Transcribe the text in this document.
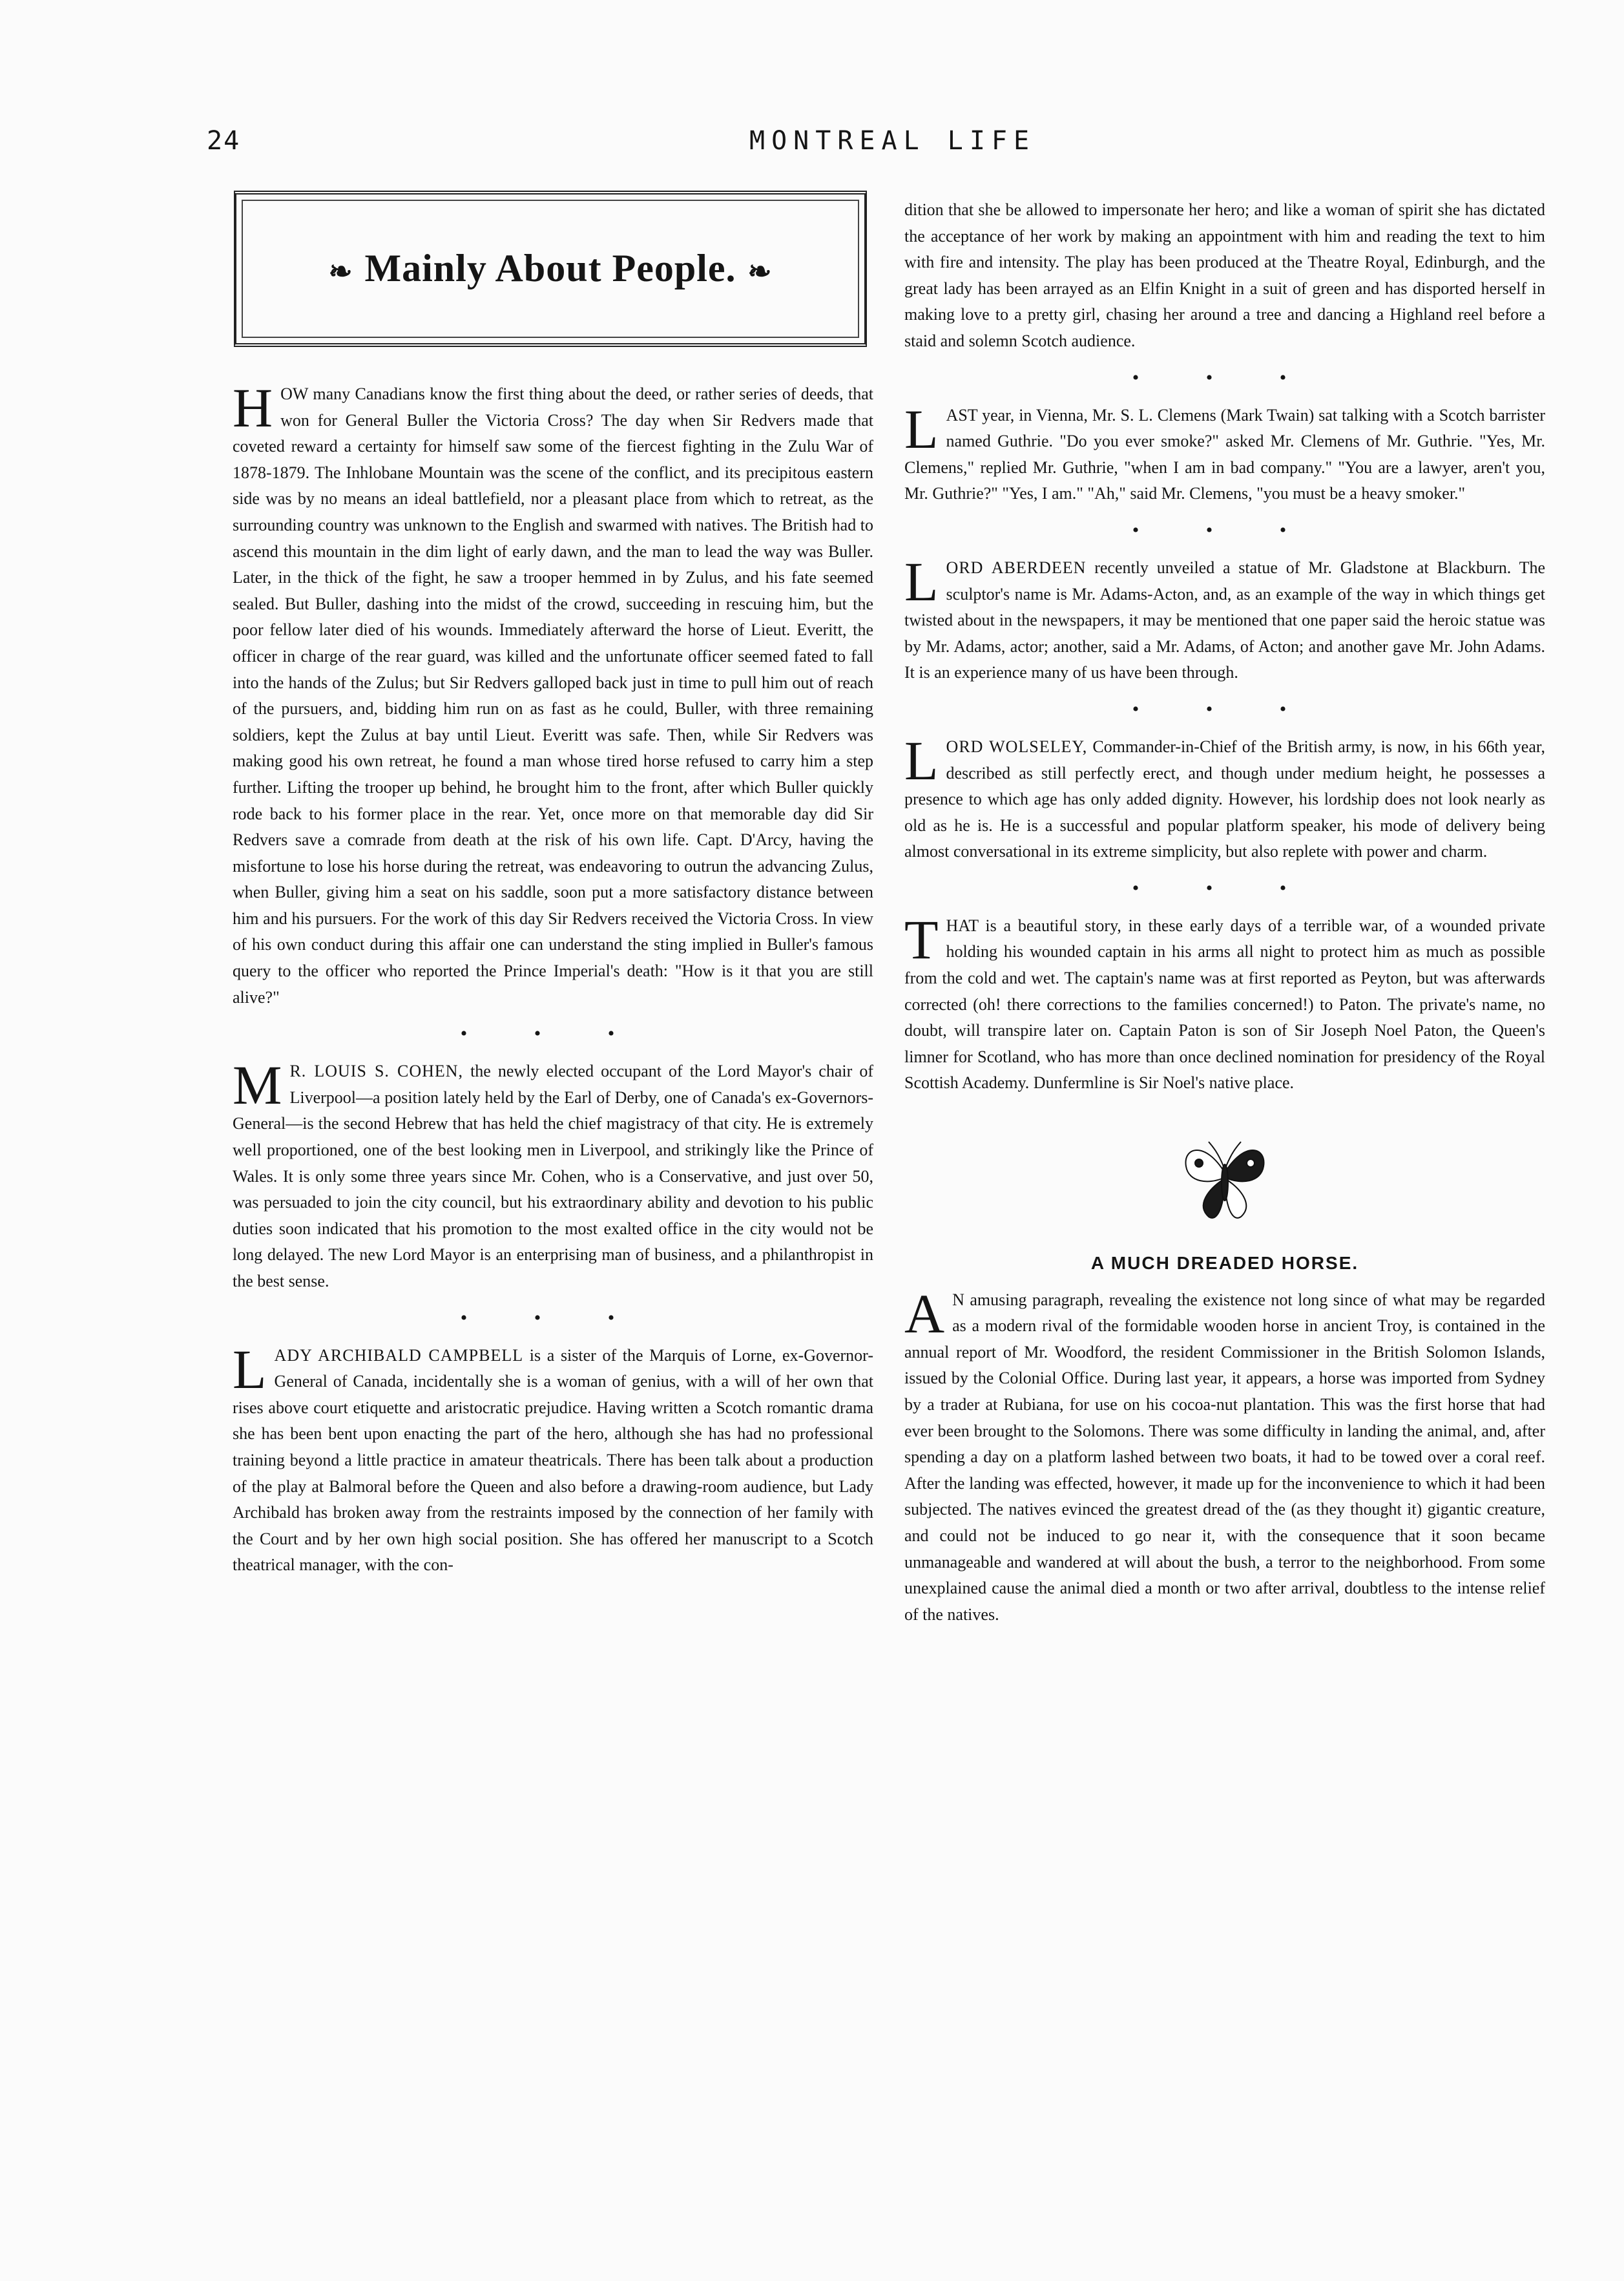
24	MONTREAL LIFE
❧ Mainly About People. ❧

HOW many Canadians know the first thing about the deed, or rather series of deeds, that won for General Buller the Victoria Cross? The day when Sir Redvers made that coveted reward a certainty for himself saw some of the fiercest fighting in the Zulu War of 1878-1879. The Inhlobane Mountain was the scene of the conflict, and its precipitous eastern side was by no means an ideal battlefield, nor a pleasant place from which to retreat, as the surrounding country was unknown to the English and swarmed with natives. The British had to ascend this mountain in the dim light of early dawn, and the man to lead the way was Buller. Later, in the thick of the fight, he saw a trooper hemmed in by Zulus, and his fate seemed sealed. But Buller, dashing into the midst of the crowd, succeeding in rescuing him, but the poor fellow later died of his wounds. Immediately afterward the horse of Lieut. Everitt, the officer in charge of the rear guard, was killed and the unfortunate officer seemed fated to fall into the hands of the Zulus; but Sir Redvers galloped back just in time to pull him out of reach of the pursuers, and, bidding him run on as fast as he could, Buller, with three remaining soldiers, kept the Zulus at bay until Lieut. Everitt was safe. Then, while Sir Redvers was making good his own retreat, he found a man whose tired horse refused to carry him a step further. Lifting the trooper up behind, he brought him to the front, after which Buller quickly rode back to his former place in the rear. Yet, once more on that memorable day did Sir Redvers save a comrade from death at the risk of his own life. Capt. D'Arcy, having the misfortune to lose his horse during the retreat, was endeavoring to outrun the advancing Zulus, when Buller, giving him a seat on his saddle, soon put a more satisfactory distance between him and his pursuers. For the work of this day Sir Redvers received the Victoria Cross. In view of his own conduct during this affair one can understand the sting implied in Buller's famous query to the officer who reported the Prince Imperial's death: "How is it that you are still alive?"

• • •

M R. LOUIS S. COHEN, the newly elected occupant of the Lord Mayor's chair of Liverpool—a position lately held by the Earl of Derby, one of Canada's ex-Governors-General—is the second Hebrew that has held the chief magistracy of that city. He is extremely well proportioned, one of the best looking men in Liverpool, and strikingly like the Prince of Wales. It is only some three years since Mr. Cohen, who is a Conservative, and just over 50, was persuaded to join the city council, but his extraordinary ability and devotion to his public duties soon indicated that his promotion to the most exalted office in the city would not be long delayed. The new Lord Mayor is an enterprising man of business, and a philanthropist in the best sense.

• • •

LADY ARCHIBALD CAMPBELL is a sister of the Marquis of Lorne, ex-Governor-General of Canada, incidentally she is a woman of genius, with a will of her own that rises above court etiquette and aristocratic prejudice. Having written a Scotch romantic drama she has been bent upon enacting the part of the hero, although she has had no professional training beyond a little practice in amateur theatricals. There has been talk about a production of the play at Balmoral before the Queen and also before a drawing-room audience, but Lady Archibald has broken away from the restraints imposed by the connection of her family with the Court and by her own high social position. She has offered her manuscript to a Scotch theatrical manager, with the con-

dition that she be allowed to impersonate her hero; and like a woman of spirit she has dictated the acceptance of her work by making an appointment with him and reading the text to him with fire and intensity. The play has been produced at the Theatre Royal, Edinburgh, and the great lady has been arrayed as an Elfin Knight in a suit of green and has disported herself in making love to a pretty girl, chasing her around a tree and dancing a Highland reel before a staid and solemn Scotch audience.

• • •

LAST year, in Vienna, Mr. S. L. Clemens (Mark Twain) sat talking with a Scotch barrister named Guthrie. "Do you ever smoke?" asked Mr. Clemens of Mr. Guthrie. "Yes, Mr. Clemens," replied Mr. Guthrie, "when I am in bad company." "You are a lawyer, aren't you, Mr. Guthrie?" "Yes, I am." "Ah," said Mr. Clemens, "you must be a heavy smoker."

• • •

LORD ABERDEEN recently unveiled a statue of Mr. Gladstone at Blackburn. The sculptor's name is Mr. Adams-Acton, and, as an example of the way in which things get twisted about in the newspapers, it may be mentioned that one paper said the heroic statue was by Mr. Adams, actor; another, said a Mr. Adams, of Acton; and another gave Mr. John Adams. It is an experience many of us have been through.

• • •

LORD WOLSELEY, Commander-in-Chief of the British army, is now, in his 66th year, described as still perfectly erect, and though under medium height, he possesses a presence to which age has only added dignity. However, his lordship does not look nearly as old as he is. He is a successful and popular platform speaker, his mode of delivery being almost conversational in its extreme simplicity, but also replete with power and charm.

• • •

THAT is a beautiful story, in these early days of a terrible war, of a wounded private holding his wounded captain in his arms all night to protect him as much as possible from the cold and wet. The captain's name was at first reported as Peyton, but was afterwards corrected (oh! there corrections to the families concerned!) to Paton. The private's name, no doubt, will transpire later on. Captain Paton is son of Sir Joseph Noel Paton, the Queen's limner for Scotland, who has more than once declined nomination for presidency of the Royal Scottish Academy. Dunfermline is Sir Noel's native place.

A MUCH DREADED HORSE.

A N amusing paragraph, revealing the existence not long since of what may be regarded as a modern rival of the formidable wooden horse in ancient Troy, is contained in the annual report of Mr. Woodford, the resident Commissioner in the British Solomon Islands, issued by the Colonial Office. During last year, it appears, a horse was imported from Sydney by a trader at Rubiana, for use on his cocoa-nut plantation. This was the first horse that had ever been brought to the Solomons. There was some difficulty in landing the animal, and, after spending a day on a platform lashed between two boats, it had to be towed over a coral reef. After the landing was effected, however, it made up for the inconvenience to which it had been subjected. The natives evinced the greatest dread of the (as they thought it) gigantic creature, and could not be induced to go near it, with the consequence that it soon became unmanageable and wandered at will about the bush, a terror to the neighborhood. From some unexplained cause the animal died a month or two after arrival, doubtless to the intense relief of the natives.
